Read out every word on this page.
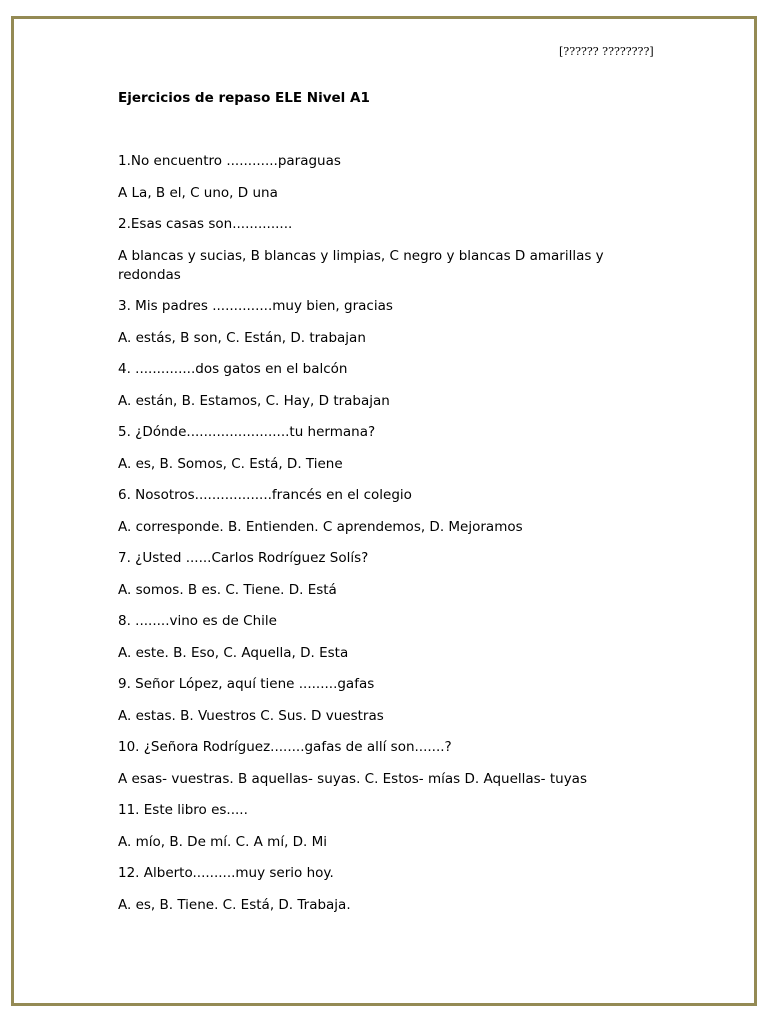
[?????? ????????]
Ejercicios de repaso ELE Nivel A1
1.No encuentro ............paraguas
A La, B el, C uno, D una
2.Esas casas son..............
A blancas y sucias, B blancas y limpias, C negro y blancas D amarillas y redondas
3. Mis padres ..............muy bien, gracias
A. estás, B son, C. Están, D. trabajan
4. ..............dos gatos en el balcón
A. están, B. Estamos, C. Hay, D trabajan
5. ¿Dónde........................tu hermana?
A. es, B. Somos, C. Está, D. Tiene
6. Nosotros..................francés en el colegio
A. corresponde. B. Entienden. C aprendemos, D. Mejoramos
7. ¿Usted ......Carlos Rodríguez Solís?
A. somos. B es. C. Tiene. D. Está
8. ........vino es de Chile
A. este. B. Eso, C. Aquella, D. Esta
9. Señor López, aquí tiene .........gafas
A. estas. B. Vuestros C. Sus. D vuestras
10. ¿Señora Rodríguez........gafas de allí son.......?
A esas- vuestras. B aquellas- suyas. C. Estos- mías D. Aquellas- tuyas
11. Este libro es.....
A. mío, B. De mí. C. A mí, D. Mi
12. Alberto..........muy serio hoy.
A. es, B. Tiene. C. Está, D. Trabaja.
